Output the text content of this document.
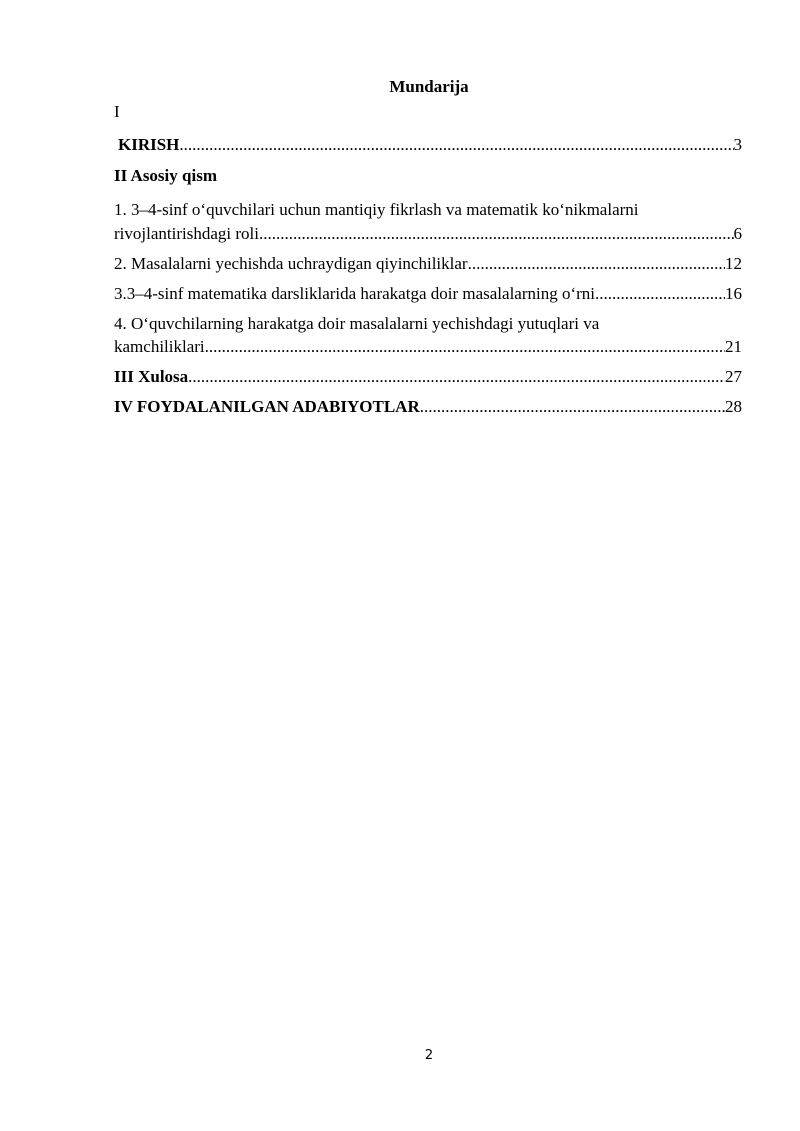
Mundarija
I
KIRISH .....	3
II Asosiy qism
1. 3–4-sinf o‘quvchilari uchun mantiqiy fikrlash va matematik ko‘nikmalarni
rivojlantirishdagi roli .....	6
2. Masalalarni yechishda uchraydigan qiyinchiliklar .....	12
3.3–4-sinf matematika darsliklarida harakatga doir masalalarning o‘rni .....	16
4. O‘quvchilarning harakatga doir masalalarni yechishdagi yutuqlari va
kamchiliklari .....	21
III Xulosa .....	27
IV FOYDALANILGAN ADABIYOTLAR .....	28
2
